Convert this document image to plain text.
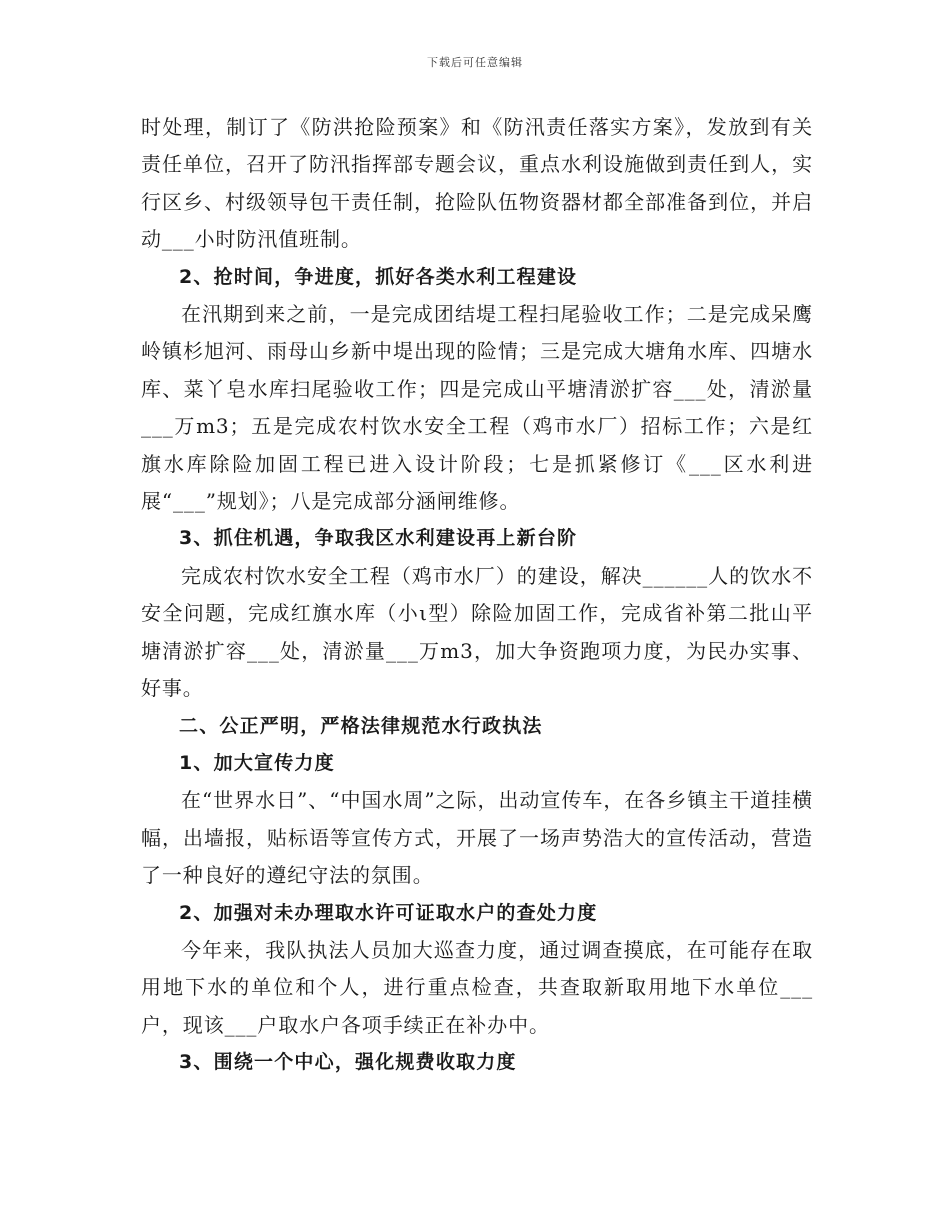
下载后可任意编辑

时处理，制订了《防洪抢险预案》和《防汛责任落实方案》，发放到有关责任单位，召开了防汛指挥部专题会议，重点水利设施做到责任到人，实行区乡、村级领导包干责任制，抢险队伍物资器材都全部准备到位，并启动___小时防汛值班制。

2、抢时间，争进度，抓好各类水利工程建设

在汛期到来之前，一是完成团结堤工程扫尾验收工作；二是完成呆鹰岭镇杉旭河、雨母山乡新中堤出现的险情；三是完成大塘角水库、四塘水库、菜丫皂水库扫尾验收工作；四是完成山平塘清淤扩容___处，清淤量___万m3；五是完成农村饮水安全工程（鸡市水厂）招标工作；六是红旗水库除险加固工程已进入设计阶段；七是抓紧修订《___区水利进展“___”规划》；八是完成部分涵闸维修。

3、抓住机遇，争取我区水利建设再上新台阶

完成农村饮水安全工程（鸡市水厂）的建设，解决______人的饮水不安全问题，完成红旗水库（小ι型）除险加固工作，完成省补第二批山平塘清淤扩容___处，清淤量___万m3，加大争资跑项力度，为民办实事、好事。

二、公正严明，严格法律规范水行政执法

1、加大宣传力度

在“世界水日”、“中国水周”之际，出动宣传车，在各乡镇主干道挂横幅，出墙报，贴标语等宣传方式，开展了一场声势浩大的宣传活动，营造了一种良好的遵纪守法的氛围。

2、加强对未办理取水许可证取水户的查处力度

今年来，我队执法人员加大巡查力度，通过调查摸底，在可能存在取用地下水的单位和个人，进行重点检查，共查取新取用地下水单位___户，现该___户取水户各项手续正在补办中。

3、围绕一个中心，强化规费收取力度
